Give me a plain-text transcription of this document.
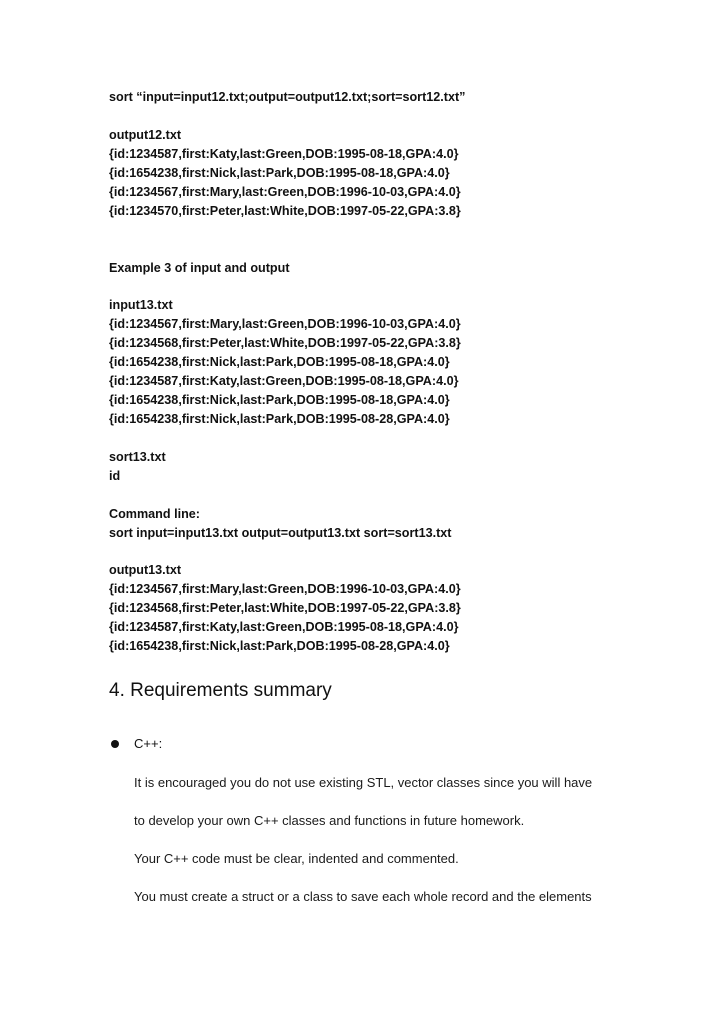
sort “input=input12.txt;output=output12.txt;sort=sort12.txt”
output12.txt
{id:1234587,first:Katy,last:Green,DOB:1995-08-18,GPA:4.0}
{id:1654238,first:Nick,last:Park,DOB:1995-08-18,GPA:4.0}
{id:1234567,first:Mary,last:Green,DOB:1996-10-03,GPA:4.0}
{id:1234570,first:Peter,last:White,DOB:1997-05-22,GPA:3.8}
Example 3 of input and output
input13.txt
{id:1234567,first:Mary,last:Green,DOB:1996-10-03,GPA:4.0}
{id:1234568,first:Peter,last:White,DOB:1997-05-22,GPA:3.8}
{id:1654238,first:Nick,last:Park,DOB:1995-08-18,GPA:4.0}
{id:1234587,first:Katy,last:Green,DOB:1995-08-18,GPA:4.0}
{id:1654238,first:Nick,last:Park,DOB:1995-08-18,GPA:4.0}
{id:1654238,first:Nick,last:Park,DOB:1995-08-28,GPA:4.0}
sort13.txt
id
Command line:
sort input=input13.txt output=output13.txt sort=sort13.txt
output13.txt
{id:1234567,first:Mary,last:Green,DOB:1996-10-03,GPA:4.0}
{id:1234568,first:Peter,last:White,DOB:1997-05-22,GPA:3.8}
{id:1234587,first:Katy,last:Green,DOB:1995-08-18,GPA:4.0}
{id:1654238,first:Nick,last:Park,DOB:1995-08-28,GPA:4.0}
4. Requirements summary
C++:
It is encouraged you do not use existing STL, vector classes since you will have
to develop your own C++ classes and functions in future homework.
Your C++ code must be clear, indented and commented.
You must create a struct or a class to save each whole record and the elements
